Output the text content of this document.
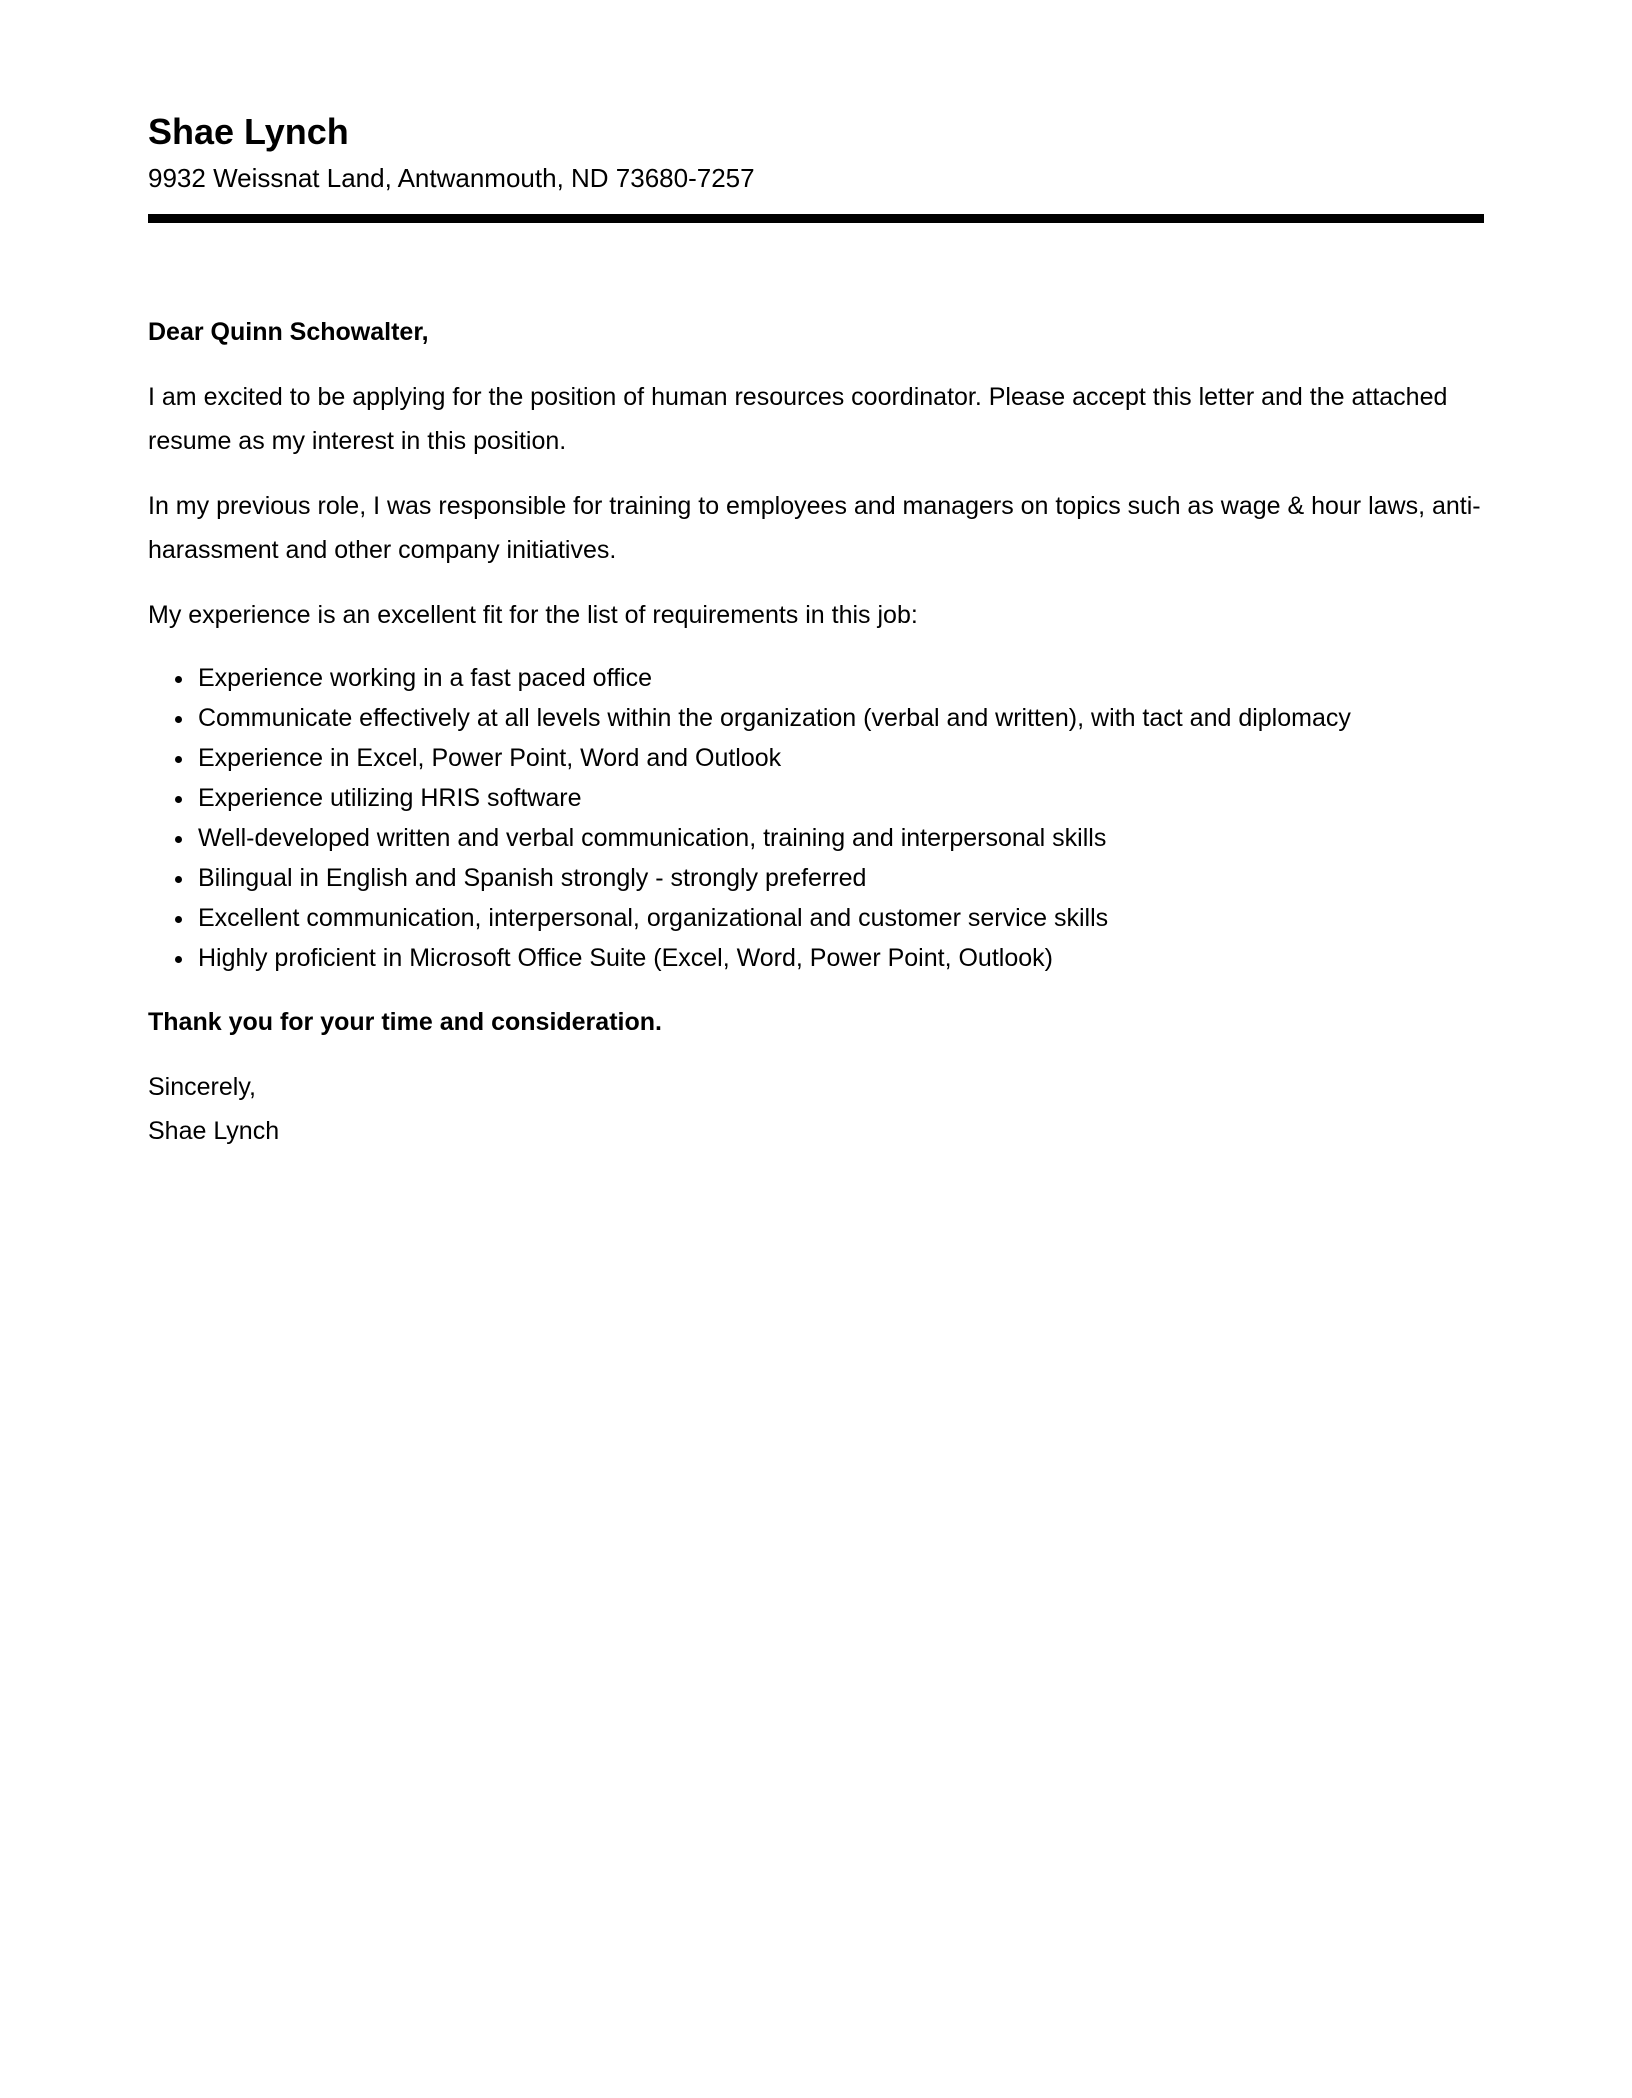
Shae Lynch

9932 Weissnat Land, Antwanmouth, ND 73680-7257

Dear Quinn Schowalter,

I am excited to be applying for the position of human resources coordinator. Please accept this letter and the attached resume as my interest in this position.

In my previous role, I was responsible for training to employees and managers on topics such as wage & hour laws, anti-harassment and other company initiatives.

My experience is an excellent fit for the list of requirements in this job:

• Experience working in a fast paced office
• Communicate effectively at all levels within the organization (verbal and written), with tact and diplomacy
• Experience in Excel, Power Point, Word and Outlook
• Experience utilizing HRIS software
• Well-developed written and verbal communication, training and interpersonal skills
• Bilingual in English and Spanish strongly - strongly preferred
• Excellent communication, interpersonal, organizational and customer service skills
• Highly proficient in Microsoft Office Suite (Excel, Word, Power Point, Outlook)

Thank you for your time and consideration.

Sincerely,

Shae Lynch
